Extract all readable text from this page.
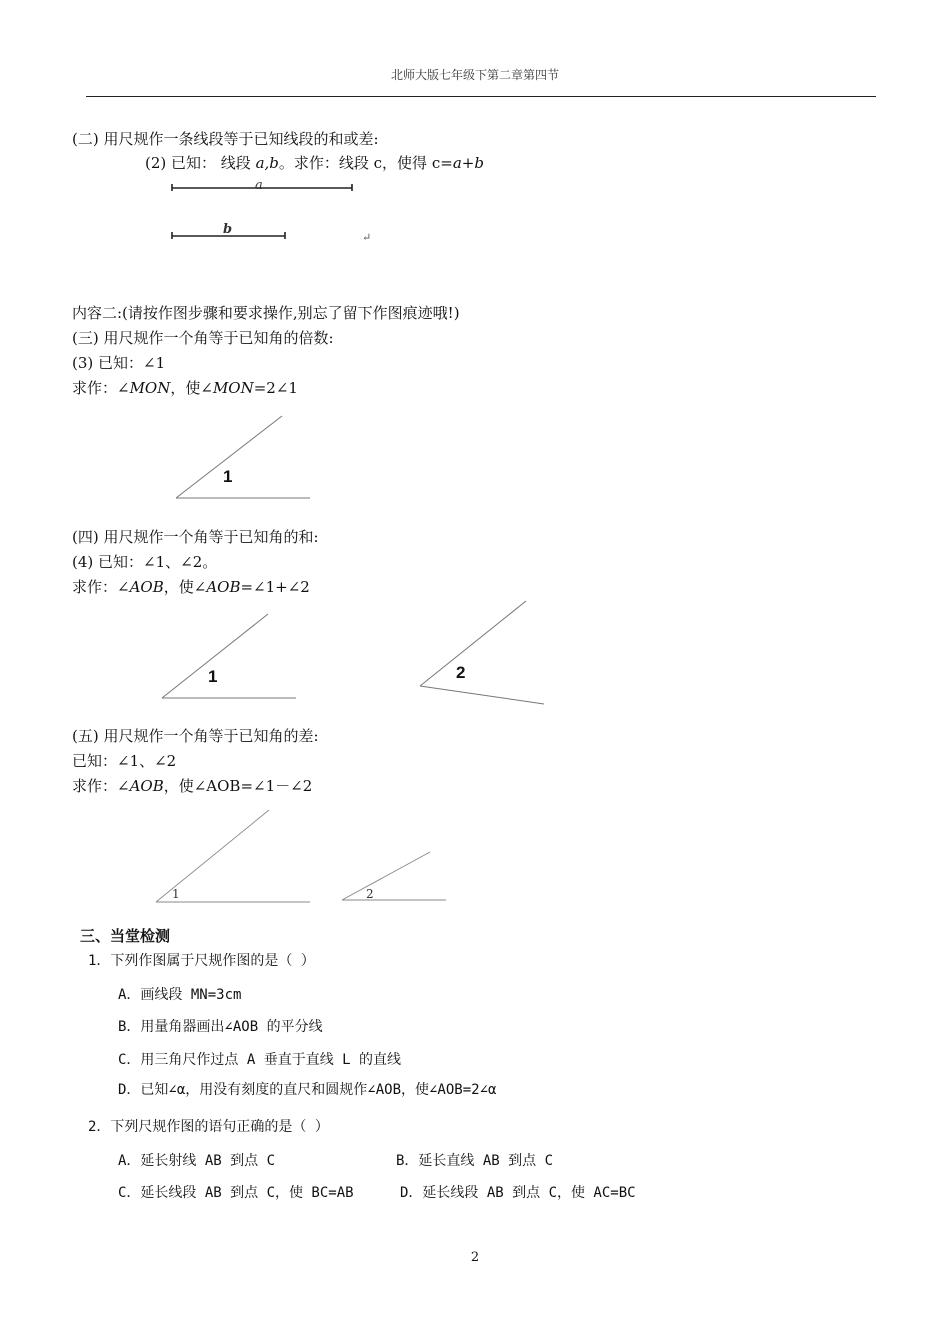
北师大版七年级下第二章第四节
(二) 用尺规作一条线段等于已知线段的和或差:
(2) 已知： 线段 a,b。求作：线段 c，使得 c=a+b
a
b
↵
内容二:(请按作图步骤和要求操作,别忘了留下作图痕迹哦!)
(三) 用尺规作一个角等于已知角的倍数:
(3) 已知：∠1
求作：∠MON，使∠MON=2∠1
1
(四) 用尺规作一个角等于已知角的和:
(4) 已知：∠1、∠2。
求作：∠AOB，使∠AOB=∠1+∠2
1	2
(五) 用尺规作一个角等于已知角的差:
已知：∠1、∠2
求作：∠AOB，使∠AOB=∠1－∠2
1	2
三、当堂检测
1．下列作图属于尺规作图的是（ ）
A．画线段 MN=3cm
B．用量角器画出∠AOB 的平分线
C．用三角尺作过点 A 垂直于直线 L 的直线
D．已知∠α，用没有刻度的直尺和圆规作∠AOB，使∠AOB=2∠α
2．下列尺规作图的语句正确的是（ ）
A．延长射线 AB 到点 C	B．延长直线 AB 到点 C
C．延长线段 AB 到点 C，使 BC=AB	D．延长线段 AB 到点 C，使 AC=BC
2
